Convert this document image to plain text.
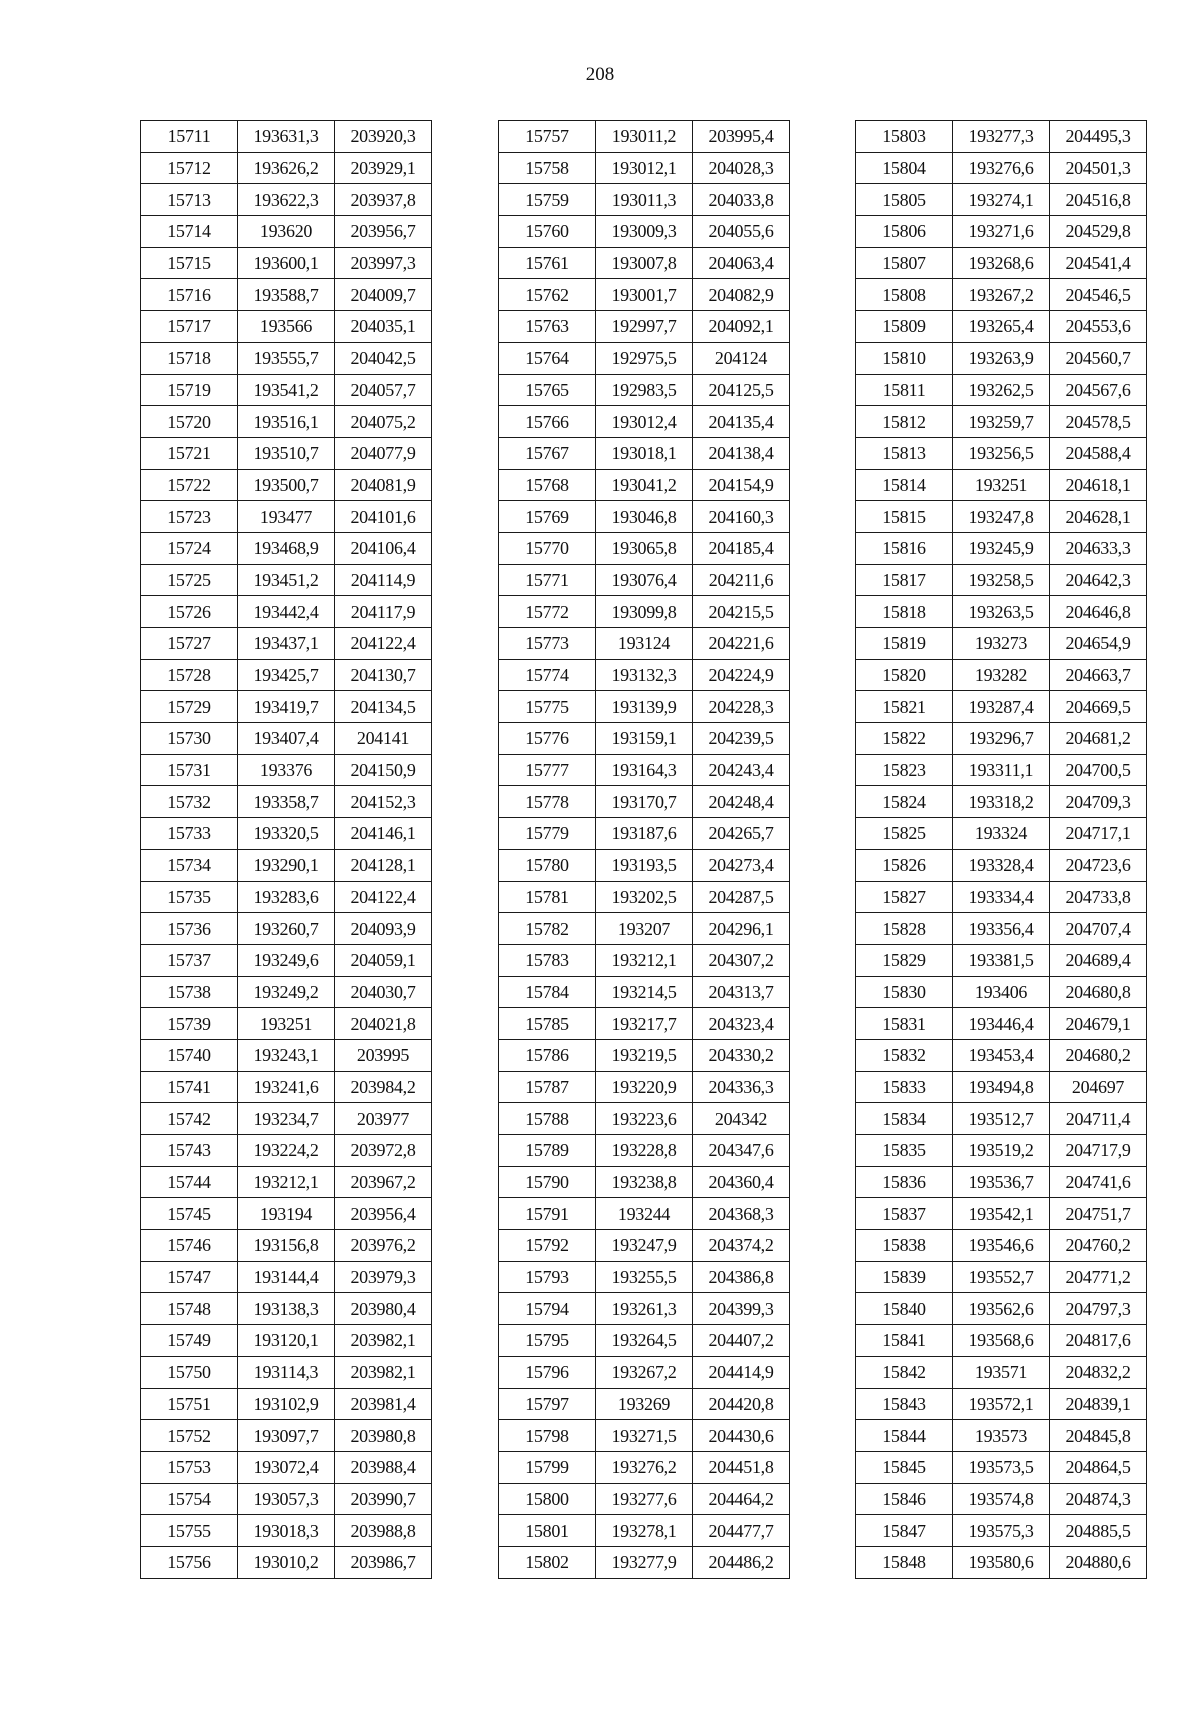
208
15711	193631,3	203920,3
15712	193626,2	203929,1
15713	193622,3	203937,8
15714	193620	203956,7
15715	193600,1	203997,3
15716	193588,7	204009,7
15717	193566	204035,1
15718	193555,7	204042,5
15719	193541,2	204057,7
15720	193516,1	204075,2
15721	193510,7	204077,9
15722	193500,7	204081,9
15723	193477	204101,6
15724	193468,9	204106,4
15725	193451,2	204114,9
15726	193442,4	204117,9
15727	193437,1	204122,4
15728	193425,7	204130,7
15729	193419,7	204134,5
15730	193407,4	204141
15731	193376	204150,9
15732	193358,7	204152,3
15733	193320,5	204146,1
15734	193290,1	204128,1
15735	193283,6	204122,4
15736	193260,7	204093,9
15737	193249,6	204059,1
15738	193249,2	204030,7
15739	193251	204021,8
15740	193243,1	203995
15741	193241,6	203984,2
15742	193234,7	203977
15743	193224,2	203972,8
15744	193212,1	203967,2
15745	193194	203956,4
15746	193156,8	203976,2
15747	193144,4	203979,3
15748	193138,3	203980,4
15749	193120,1	203982,1
15750	193114,3	203982,1
15751	193102,9	203981,4
15752	193097,7	203980,8
15753	193072,4	203988,4
15754	193057,3	203990,7
15755	193018,3	203988,8
15756	193010,2	203986,7
15757	193011,2	203995,4
15758	193012,1	204028,3
15759	193011,3	204033,8
15760	193009,3	204055,6
15761	193007,8	204063,4
15762	193001,7	204082,9
15763	192997,7	204092,1
15764	192975,5	204124
15765	192983,5	204125,5
15766	193012,4	204135,4
15767	193018,1	204138,4
15768	193041,2	204154,9
15769	193046,8	204160,3
15770	193065,8	204185,4
15771	193076,4	204211,6
15772	193099,8	204215,5
15773	193124	204221,6
15774	193132,3	204224,9
15775	193139,9	204228,3
15776	193159,1	204239,5
15777	193164,3	204243,4
15778	193170,7	204248,4
15779	193187,6	204265,7
15780	193193,5	204273,4
15781	193202,5	204287,5
15782	193207	204296,1
15783	193212,1	204307,2
15784	193214,5	204313,7
15785	193217,7	204323,4
15786	193219,5	204330,2
15787	193220,9	204336,3
15788	193223,6	204342
15789	193228,8	204347,6
15790	193238,8	204360,4
15791	193244	204368,3
15792	193247,9	204374,2
15793	193255,5	204386,8
15794	193261,3	204399,3
15795	193264,5	204407,2
15796	193267,2	204414,9
15797	193269	204420,8
15798	193271,5	204430,6
15799	193276,2	204451,8
15800	193277,6	204464,2
15801	193278,1	204477,7
15802	193277,9	204486,2
15803	193277,3	204495,3
15804	193276,6	204501,3
15805	193274,1	204516,8
15806	193271,6	204529,8
15807	193268,6	204541,4
15808	193267,2	204546,5
15809	193265,4	204553,6
15810	193263,9	204560,7
15811	193262,5	204567,6
15812	193259,7	204578,5
15813	193256,5	204588,4
15814	193251	204618,1
15815	193247,8	204628,1
15816	193245,9	204633,3
15817	193258,5	204642,3
15818	193263,5	204646,8
15819	193273	204654,9
15820	193282	204663,7
15821	193287,4	204669,5
15822	193296,7	204681,2
15823	193311,1	204700,5
15824	193318,2	204709,3
15825	193324	204717,1
15826	193328,4	204723,6
15827	193334,4	204733,8
15828	193356,4	204707,4
15829	193381,5	204689,4
15830	193406	204680,8
15831	193446,4	204679,1
15832	193453,4	204680,2
15833	193494,8	204697
15834	193512,7	204711,4
15835	193519,2	204717,9
15836	193536,7	204741,6
15837	193542,1	204751,7
15838	193546,6	204760,2
15839	193552,7	204771,2
15840	193562,6	204797,3
15841	193568,6	204817,6
15842	193571	204832,2
15843	193572,1	204839,1
15844	193573	204845,8
15845	193573,5	204864,5
15846	193574,8	204874,3
15847	193575,3	204885,5
15848	193580,6	204880,6
